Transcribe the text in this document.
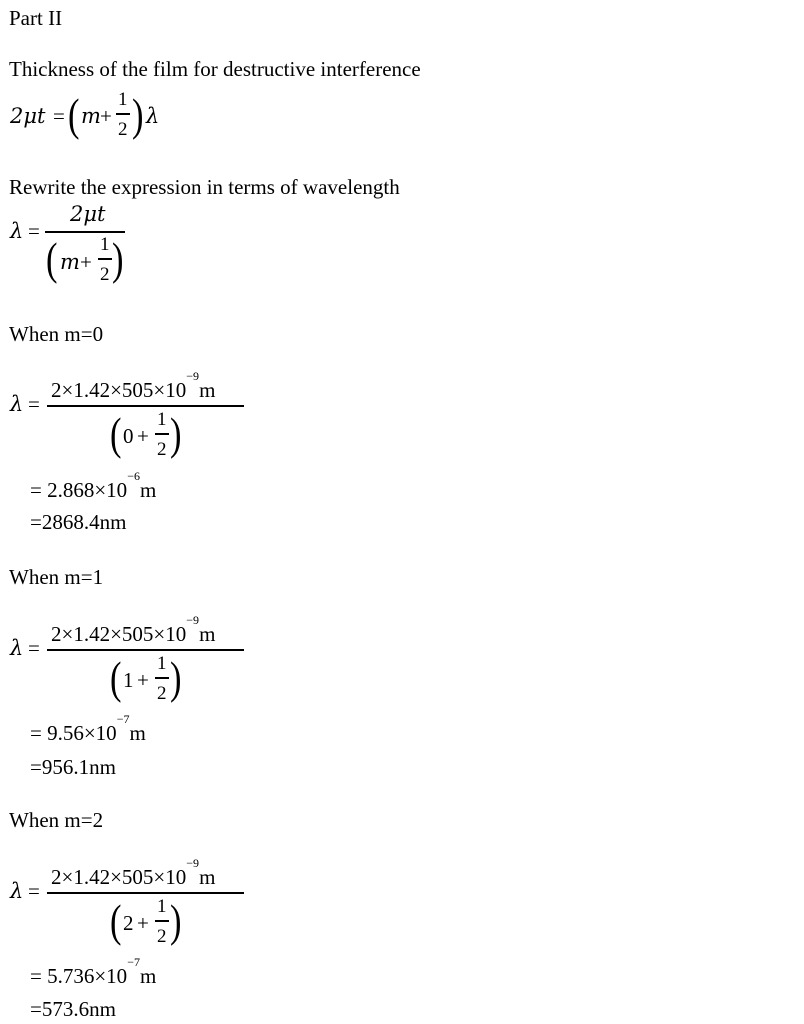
Part II
Thickness of the film for destructive interference
2μt = ( m +
1
2 ) λ
Rewrite the expression in terms of wavelength
λ =
2μt
( m +
1
2 )
When m=0
λ =
$2\times 1.42\times 505\times 10^{-9}m$
( 0 +
1
2 )
= $2.868\times 10^{-6}m$
=2868.4nm
When m=1
λ =
$2\times 1.42\times 505\times 10^{-9}m$
( 1 +
1
2 )
= $9.56\times 10^{-7}m$
=956.1nm
When m=2
λ =
$2\times 1.42\times 505\times 10^{-9}m$
( 2 +
1
2 )
= $5.736\times 10^{-7}m$
=573.6nm
